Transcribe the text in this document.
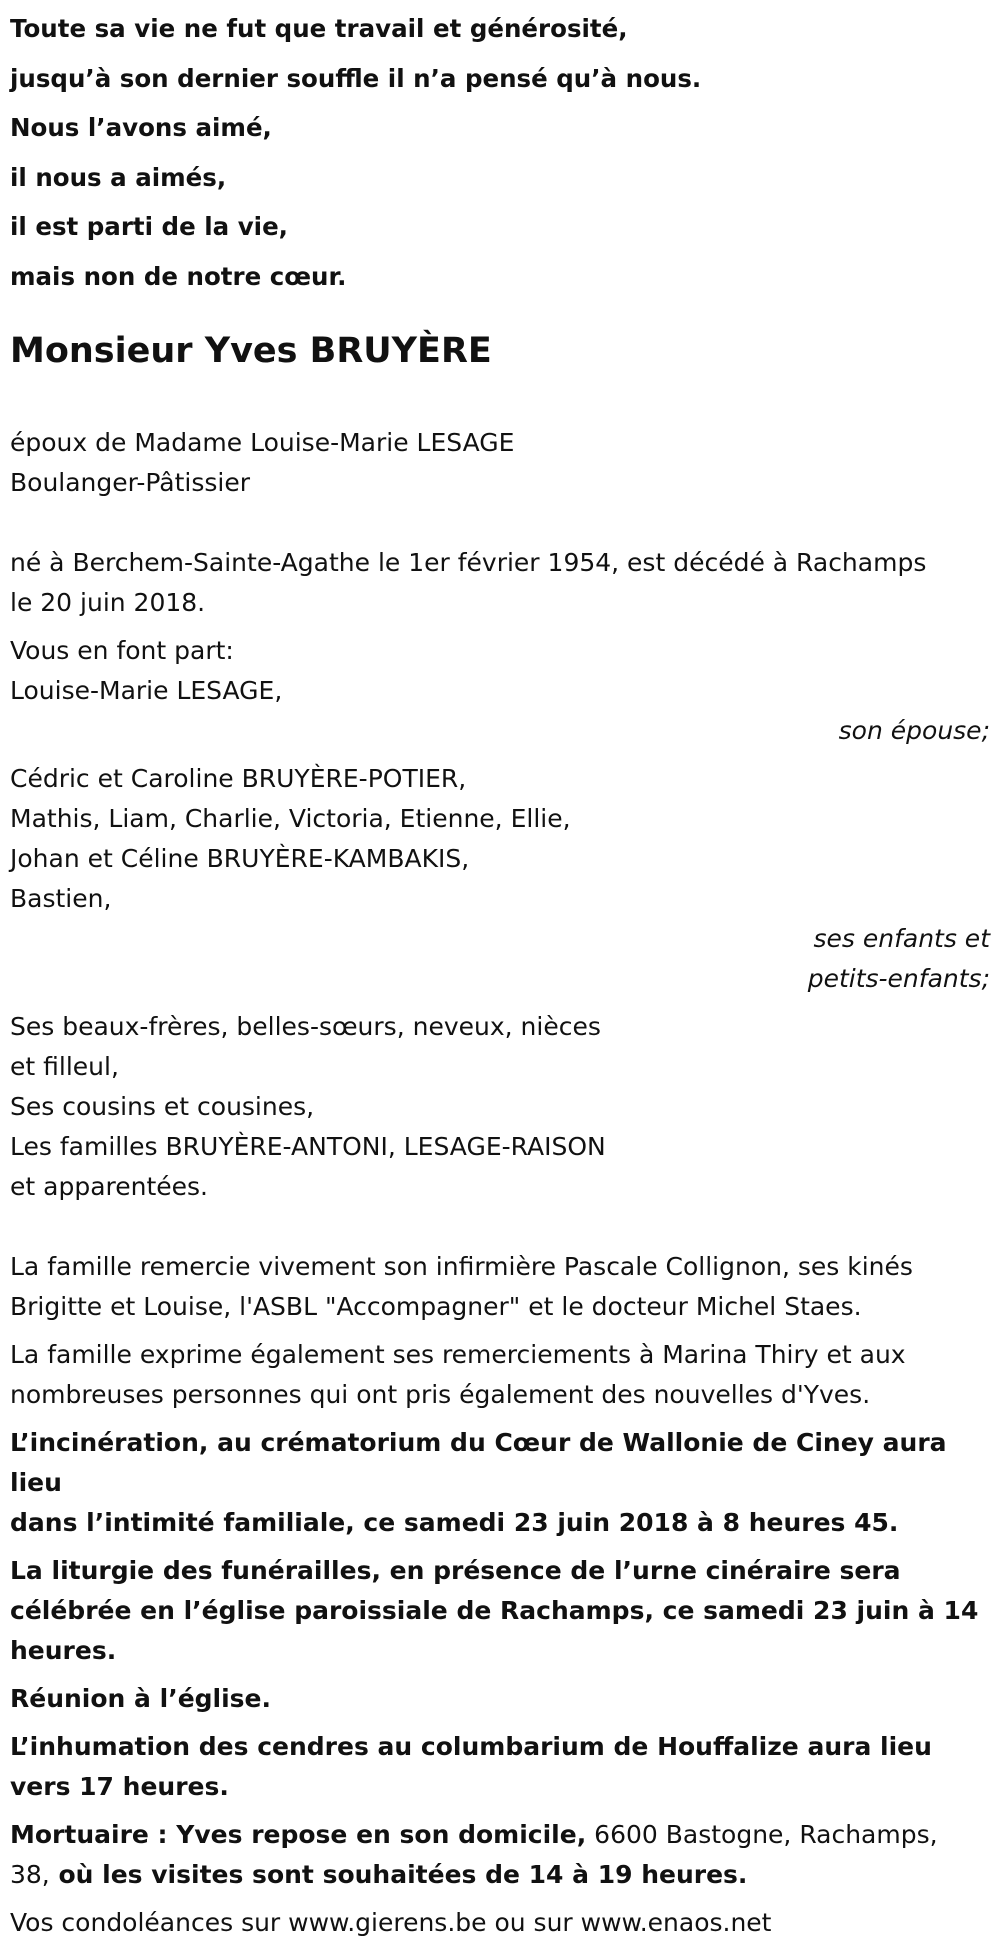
Toute sa vie ne fut que travail et générosité,
jusqu’à son dernier souffle il n’a pensé qu’à nous.
Nous l’avons aimé,
il nous a aimés,
il est parti de la vie,
mais non de notre cœur.
Monsieur Yves BRUYÈRE
époux de Madame Louise-Marie LESAGE
Boulanger-Pâtissier
né à Berchem-Sainte-Agathe le 1er février 1954, est décédé à Rachamps
le 20 juin 2018.
Vous en font part:
Louise-Marie LESAGE,
son épouse;
Cédric et Caroline BRUYÈRE-POTIER,
Mathis, Liam, Charlie, Victoria, Etienne, Ellie,
Johan et Céline BRUYÈRE-KAMBAKIS,
Bastien,
ses enfants et
petits-enfants;
Ses beaux-frères, belles-sœurs, neveux, nièces
et filleul,
Ses cousins et cousines,
Les familles BRUYÈRE-ANTONI, LESAGE-RAISON
et apparentées.
La famille remercie vivement son infirmière Pascale Collignon, ses kinés
Brigitte et Louise, l'ASBL "Accompagner" et le docteur Michel Staes.
La famille exprime également ses remerciements à Marina Thiry et aux
nombreuses personnes qui ont pris également des nouvelles d'Yves.
L’incinération, au crématorium du Cœur de Wallonie de Ciney aura lieu
dans l’intimité familiale, ce samedi 23 juin 2018 à 8 heures 45.
La liturgie des funérailles, en présence de l’urne cinéraire sera
célébrée en l’église paroissiale de Rachamps, ce samedi 23 juin à 14
heures.
Réunion à l’église.
L’inhumation des cendres au columbarium de Houffalize aura lieu
vers 17 heures.
Mortuaire : Yves repose en son domicile, 6600 Bastogne, Rachamps,
38, où les visites sont souhaitées de 14 à 19 heures.
Vos condoléances sur www.gierens.be ou sur www.enaos.net
